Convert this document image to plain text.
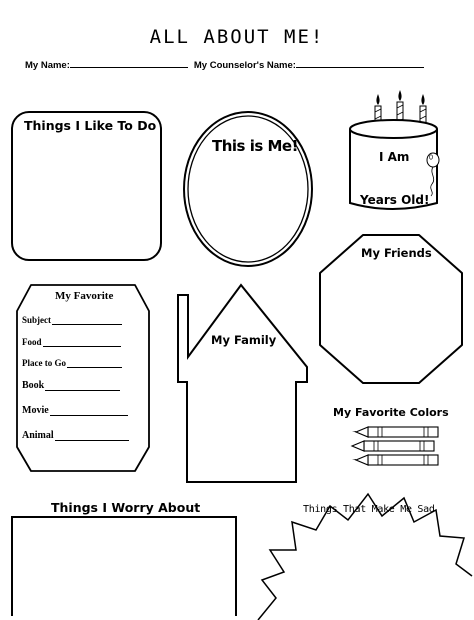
ALL ABOUT ME!
My Name:	My Counselor's Name:
Things I Like To Do
This is Me!
I Am
Years Old!
My Friends
My Favorite
Subject
Food
Place to Go
Book
Movie
Animal
My Family
My Favorite Colors
Things I Worry About	Things That Make Me Sad
